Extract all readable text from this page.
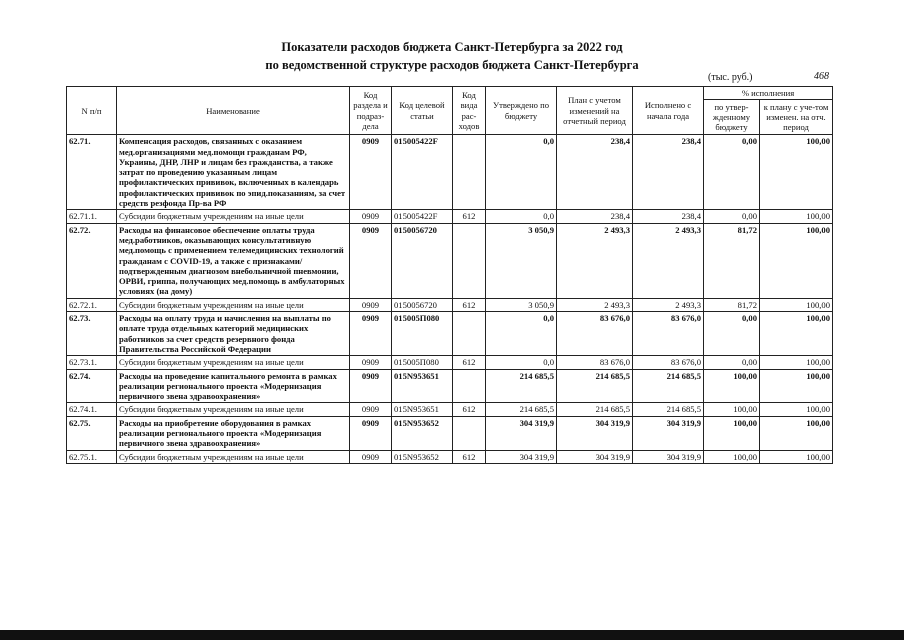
Показатели расходов бюджета Санкт-Петербурга за 2022 год
по ведомственной структуре расходов бюджета Санкт-Петербурга
(тыс. руб.)	468
N п/п	Наименование	Код раздела и подраз-дела	Код целевой статьи	Код вида рас-ходов	Утверждено по бюджету	План с учетом изменений на отчетный период	Исполнено с начала года	% исполнения	
								по утвер-жденному бюджету	к плану с уче-том изменен. на отч. период
62.71.	Компенсация расходов, связанных с оказанием мед.организациями мед.помощи гражданам РФ, Украины, ДНР, ЛНР и лицам без гражданства, а также затрат по проведению указанным лицам профилактических прививок, включенных в календарь профилактических прививок по эпид.показаниям, за счет средств резфонда Пр-ва РФ	0909	015005422F		0,0	238,4	238,4	0,00	100,00
62.71.1.	Субсидии бюджетным учреждениям на иные цели	0909	015005422F	612	0,0	238,4	238,4	0,00	100,00
62.72.	Расходы на финансовое обеспечение оплаты труда мед.работников, оказывающих консультативную мед.помощь с применением телемедицинских технологий гражданам с COVID-19, а также с признаками/подтвержденным диагнозом внебольничной пневмонии, ОРВИ, гриппа, получающих мед.помощь в амбулаторных условиях (на дому)	0909	0150056720		3 050,9	2 493,3	2 493,3	81,72	100,00
62.72.1.	Субсидии бюджетным учреждениям на иные цели	0909	0150056720	612	3 050,9	2 493,3	2 493,3	81,72	100,00
62.73.	Расходы на оплату труда и начисления на выплаты по оплате труда отдельных категорий медицинских работников за счет средств резервного фонда Правительства Российской Федерации	0909	015005П080		0,0	83 676,0	83 676,0	0,00	100,00
62.73.1.	Субсидии бюджетным учреждениям на иные цели	0909	015005П080	612	0,0	83 676,0	83 676,0	0,00	100,00
62.74.	Расходы на проведение капитального ремонта в рамках реализации регионального проекта «Модернизация первичного звена здравоохранения»	0909	015N953651		214 685,5	214 685,5	214 685,5	100,00	100,00
62.74.1.	Субсидии бюджетным учреждениям на иные цели	0909	015N953651	612	214 685,5	214 685,5	214 685,5	100,00	100,00
62.75.	Расходы на приобретение оборудования в рамках реализации регионального проекта «Модернизация первичного звена здравоохранения»	0909	015N953652		304 319,9	304 319,9	304 319,9	100,00	100,00
62.75.1.	Субсидии бюджетным учреждениям на иные цели	0909	015N953652	612	304 319,9	304 319,9	304 319,9	100,00	100,00
